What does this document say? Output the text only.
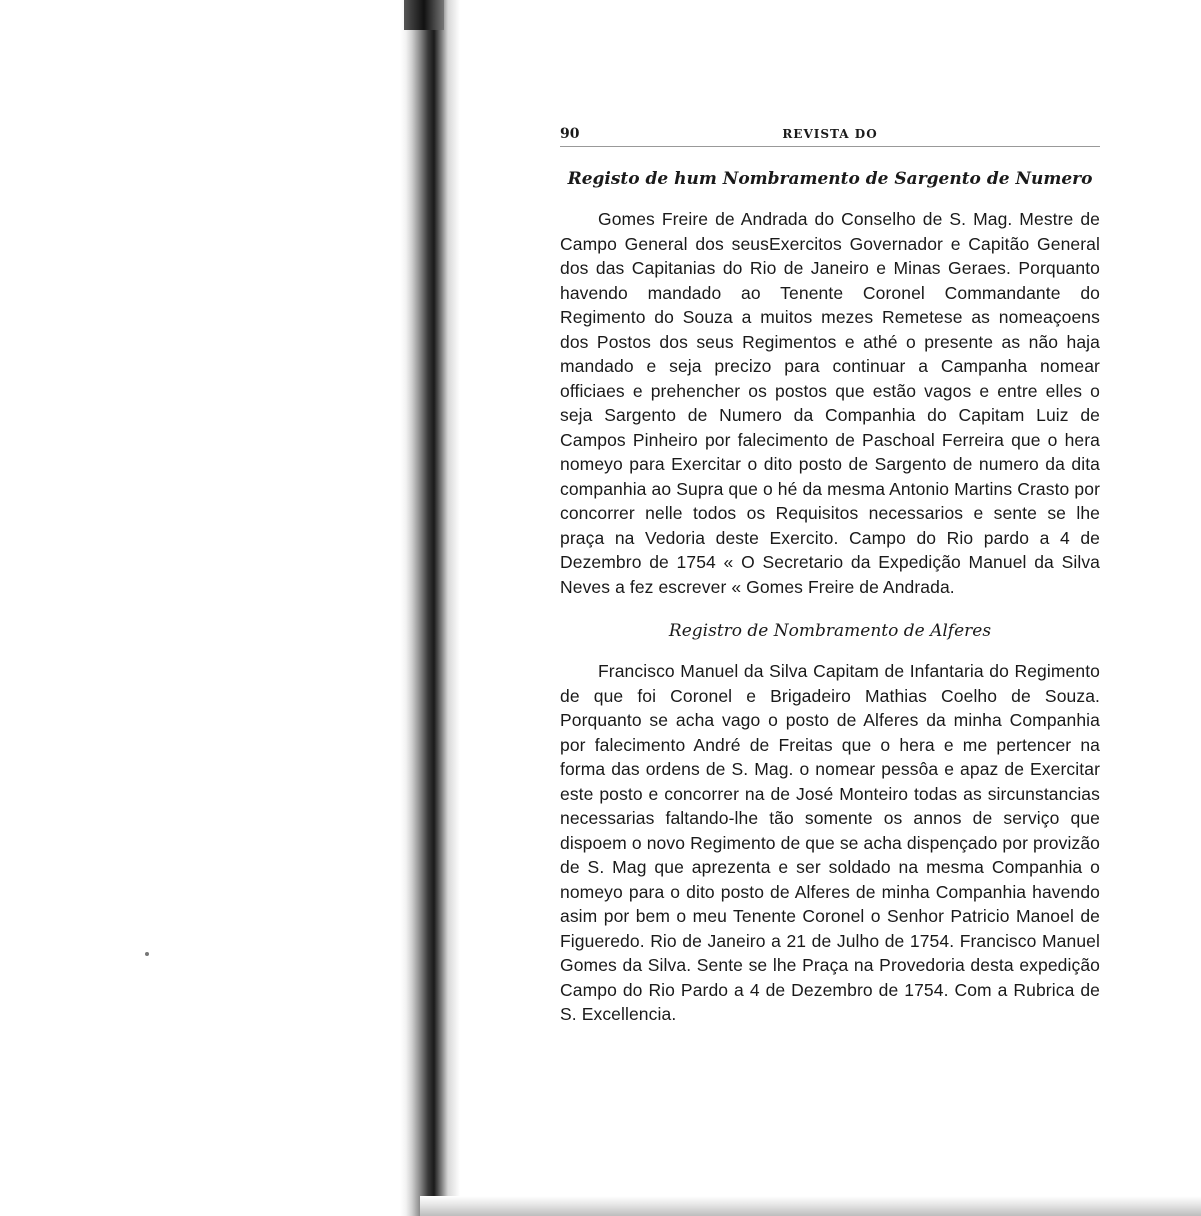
90	REVISTA DO
Registo de hum Nombramento de Sargento de Numero

Gomes Freire de Andrada do Conselho de S. Mag. Mestre de Campo General dos seusExercitos Governador e Capitão General dos das Capitanias do Rio de Janeiro e Minas Geraes. Porquanto havendo mandado ao Tenente Coronel Commandante do Regimento do Souza a muitos mezes Remetese as nomeaçoens dos Postos dos seus Regimentos e athé o presente as não haja mandado e seja precizo para continuar a Campanha nomear officiaes e prehencher os postos que estão vagos e entre elles o seja Sargento de Numero da Companhia do Capitam Luiz de Campos Pinheiro por falecimento de Paschoal Ferreira que o hera nomeyo para Exercitar o dito posto de Sargento de numero da dita companhia ao Supra que o hé da mesma Antonio Martins Crasto por concorrer nelle todos os Requisitos necessarios e sente se lhe praça na Vedoria deste Exercito. Campo do Rio pardo a 4 de Dezembro de 1754 « O Secretario da Expedição Manuel da Silva Neves a fez escrever « Gomes Freire de Andrada.

Registro de Nombramento de Alferes

Francisco Manuel da Silva Capitam de Infantaria do Regimento de que foi Coronel e Brigadeiro Mathias Coelho de Souza. Porquanto se acha vago o posto de Alferes da minha Companhia por falecimento André de Freitas que o hera e me pertencer na forma das ordens de S. Mag. o nomear pessôa e apaz de Exercitar este posto e concorrer na de José Monteiro todas as sircunstancias necessarias faltando-lhe tão somente os annos de serviço que dispoem o novo Regimento de que se acha dispençado por provizão de S. Mag que aprezenta e ser soldado na mesma Companhia o nomeyo para o dito posto de Alferes de minha Companhia havendo asim por bem o meu Tenente Coronel o Senhor Patricio Manoel de Figueredo. Rio de Janeiro a 21 de Julho de 1754. Francisco Manuel Gomes da Silva. Sente se lhe Praça na Provedoria desta expedição Campo do Rio Pardo a 4 de Dezembro de 1754. Com a Rubrica de S. Excellencia.
